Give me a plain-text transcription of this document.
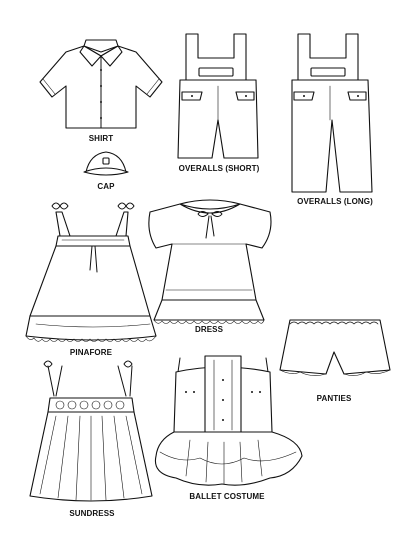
SHIRT
CAP
OVERALLS (SHORT)
OVERALLS (LONG)
PINAFORE
DRESS
PANTIES
SUNDRESS
BALLET COSTUME
